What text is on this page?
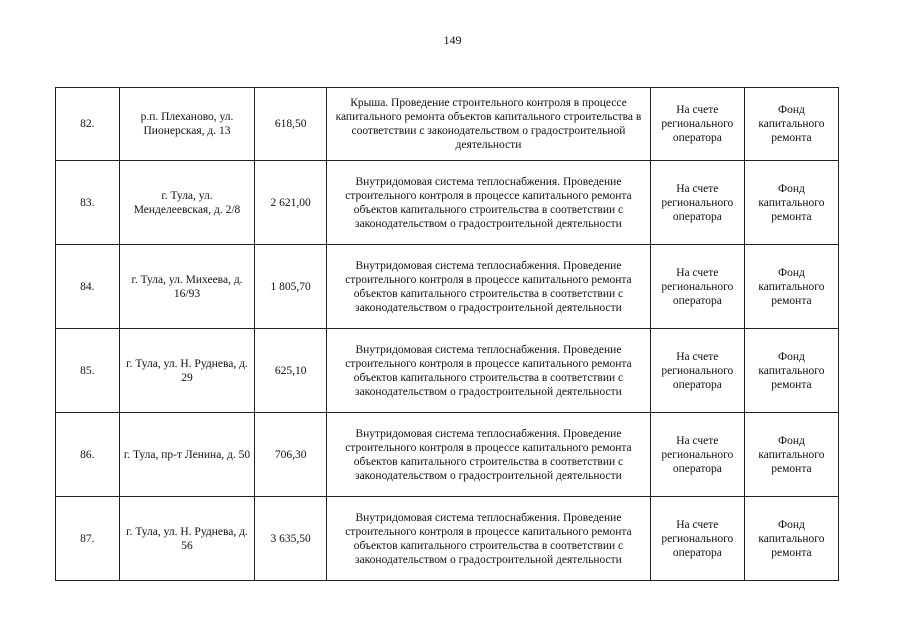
149
82.	р.п. Плеханово, ул. Пионерская, д. 13	618,50	Крыша. Проведение строительного контроля в процессе капитального ремонта объектов капитального строительства в соответствии с законодательством о градостроительной деятельности	На счете регионального оператора	Фонд капитального ремонта
83.	г. Тула, ул. Менделеевская, д. 2/8	2 621,00	Внутридомовая система теплоснабжения. Проведение строительного контроля в процессе капитального ремонта объектов капитального строительства в соответствии с законодательством о градостроительной деятельности	На счете регионального оператора	Фонд капитального ремонта
84.	г. Тула, ул. Михеева, д. 16/93	1 805,70	Внутридомовая система теплоснабжения. Проведение строительного контроля в процессе капитального ремонта объектов капитального строительства в соответствии с законодательством о градостроительной деятельности	На счете регионального оператора	Фонд капитального ремонта
85.	г. Тула, ул. Н. Руднева, д. 29	625,10	Внутридомовая система теплоснабжения. Проведение строительного контроля в процессе капитального ремонта объектов капитального строительства в соответствии с законодательством о градостроительной деятельности	На счете регионального оператора	Фонд капитального ремонта
86.	г. Тула, пр-т Ленина, д. 50	706,30	Внутридомовая система теплоснабжения. Проведение строительного контроля в процессе капитального ремонта объектов капитального строительства в соответствии с законодательством о градостроительной деятельности	На счете регионального оператора	Фонд капитального ремонта
87.	г. Тула, ул. Н. Руднева, д. 56	3 635,50	Внутридомовая система теплоснабжения. Проведение строительного контроля в процессе капитального ремонта объектов капитального строительства в соответствии с законодательством о градостроительной деятельности	На счете регионального оператора	Фонд капитального ремонта
